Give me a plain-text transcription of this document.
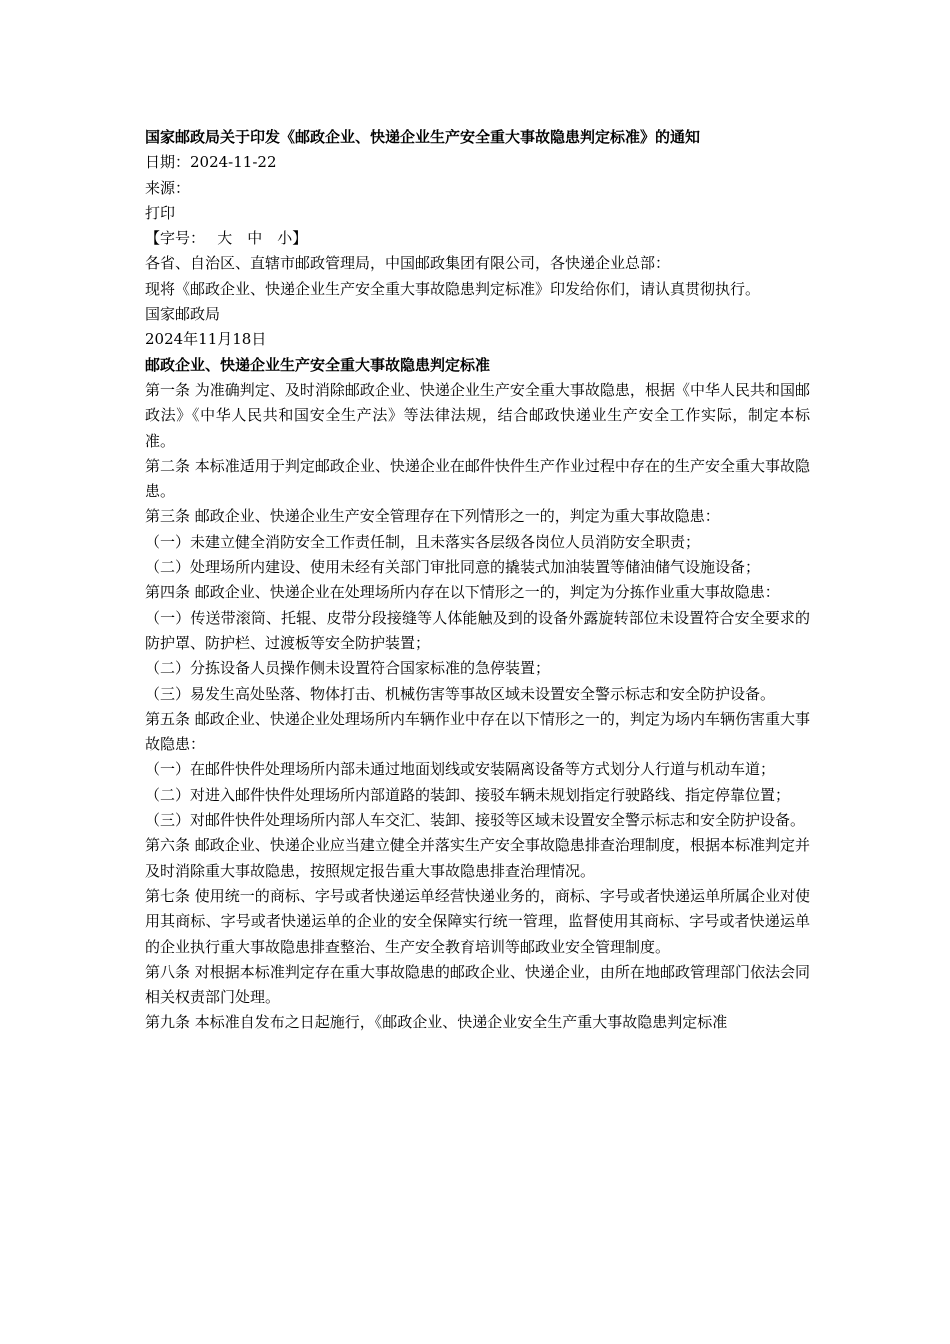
国家邮政局关于印发《邮政企业、快递企业生产安全重大事故隐患判定标准》的通知

日期：2024-11-22

来源：

打印

【字号：　 大　中　小】

各省、自治区、直辖市邮政管理局，中国邮政集团有限公司，各快递企业总部：

现将《邮政企业、快递企业生产安全重大事故隐患判定标准》印发给你们，请认真贯彻执行。

国家邮政局

2024年11月18日

邮政企业、快递企业生产安全重大事故隐患判定标准

第一条 为准确判定、及时消除邮政企业、快递企业生产安全重大事故隐患，根据《中华人民共和国邮政法》《中华人民共和国安全生产法》等法律法规，结合邮政快递业生产安全工作实际，制定本标准。

第二条 本标准适用于判定邮政企业、快递企业在邮件快件生产作业过程中存在的生产安全重大事故隐患。

第三条 邮政企业、快递企业生产安全管理存在下列情形之一的，判定为重大事故隐患：

（一）未建立健全消防安全工作责任制，且未落实各层级各岗位人员消防安全职责；

（二）处理场所内建设、使用未经有关部门审批同意的撬装式加油装置等储油储气设施设备；

第四条 邮政企业、快递企业在处理场所内存在以下情形之一的，判定为分拣作业重大事故隐患：

（一）传送带滚筒、托辊、皮带分段接缝等人体能触及到的设备外露旋转部位未设置符合安全要求的防护罩、防护栏、过渡板等安全防护装置；

（二）分拣设备人员操作侧未设置符合国家标准的急停装置；

（三）易发生高处坠落、物体打击、机械伤害等事故区域未设置安全警示标志和安全防护设备。

第五条 邮政企业、快递企业处理场所内车辆作业中存在以下情形之一的，判定为场内车辆伤害重大事故隐患：

（一）在邮件快件处理场所内部未通过地面划线或安装隔离设备等方式划分人行道与机动车道；

（二）对进入邮件快件处理场所内部道路的装卸、接驳车辆未规划指定行驶路线、指定停靠位置；

（三）对邮件快件处理场所内部人车交汇、装卸、接驳等区域未设置安全警示标志和安全防护设备。

第六条 邮政企业、快递企业应当建立健全并落实生产安全事故隐患排查治理制度，根据本标准判定并及时消除重大事故隐患，按照规定报告重大事故隐患排查治理情况。

第七条 使用统一的商标、字号或者快递运单经营快递业务的，商标、字号或者快递运单所属企业对使用其商标、字号或者快递运单的企业的安全保障实行统一管理，监督使用其商标、字号或者快递运单的企业执行重大事故隐患排查整治、生产安全教育培训等邮政业安全管理制度。

第八条 对根据本标准判定存在重大事故隐患的邮政企业、快递企业，由所在地邮政管理部门依法会同相关权责部门处理。

第九条 本标准自发布之日起施行，《邮政企业、快递企业安全生产重大事故隐患判定标准
